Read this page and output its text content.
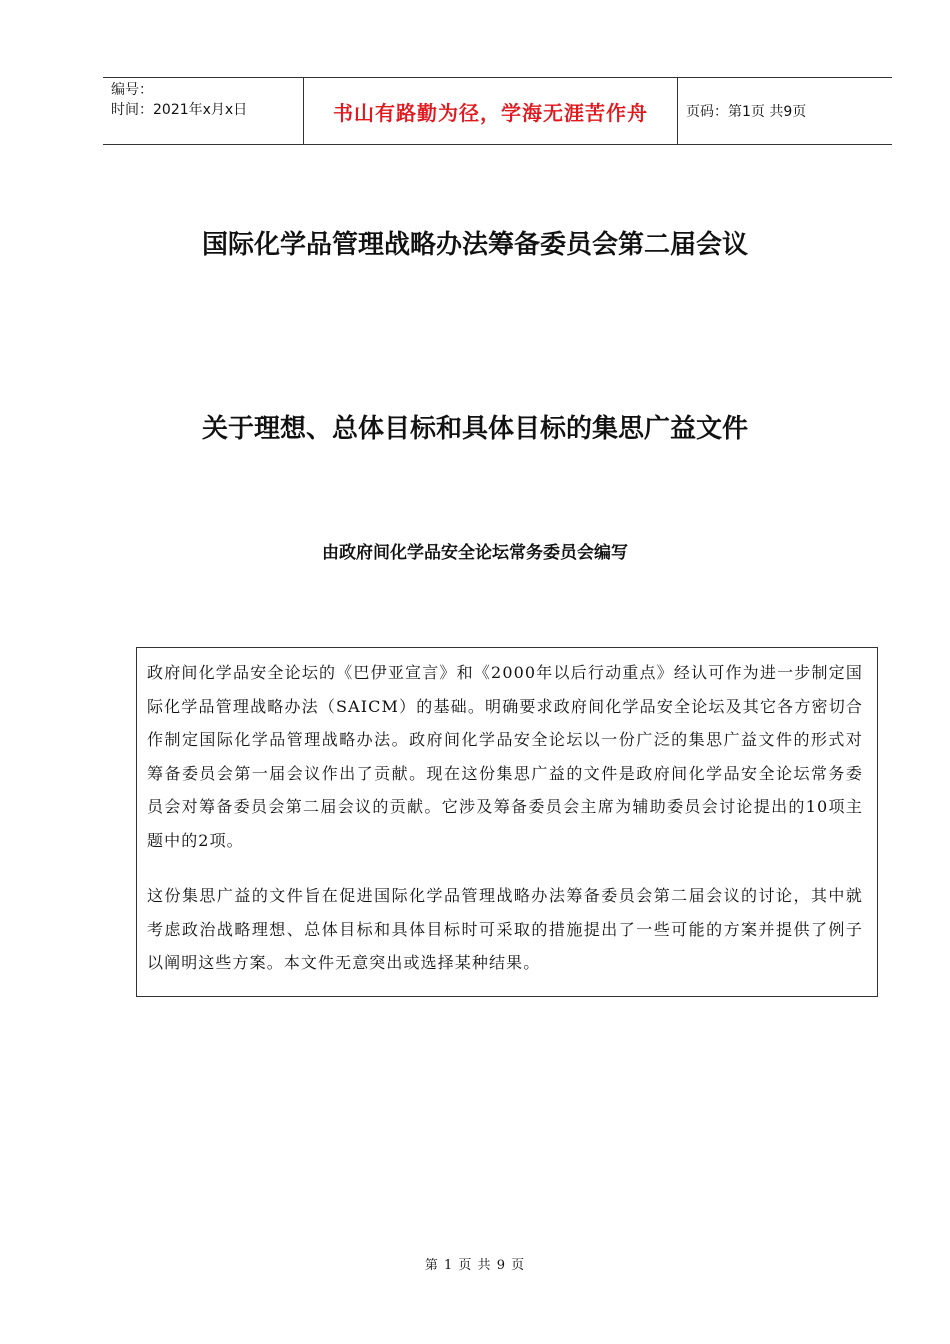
编号：
时间：2021年x月x日	书山有路勤为径，学海无涯苦作舟	页码：第1页 共9页
国际化学品管理战略办法筹备委员会第二届会议
关于理想、总体目标和具体目标的集思广益文件
由政府间化学品安全论坛常务委员会编写

政府间化学品安全论坛的《巴伊亚宣言》和《2000年以后行动重点》经认可作为进一步制定国际化学品管理战略办法（SAICM）的基础。明确要求政府间化学品安全论坛及其它各方密切合作制定国际化学品管理战略办法。政府间化学品安全论坛以一份广泛的集思广益文件的形式对筹备委员会第一届会议作出了贡献。现在这份集思广益的文件是政府间化学品安全论坛常务委员会对筹备委员会第二届会议的贡献。它涉及筹备委员会主席为辅助委员会讨论提出的10项主题中的2项。

这份集思广益的文件旨在促进国际化学品管理战略办法筹备委员会第二届会议的讨论，其中就考虑政治战略理想、总体目标和具体目标时可采取的措施提出了一些可能的方案并提供了例子以阐明这些方案。本文件无意突出或选择某种结果。

第 1 页 共 9 页
